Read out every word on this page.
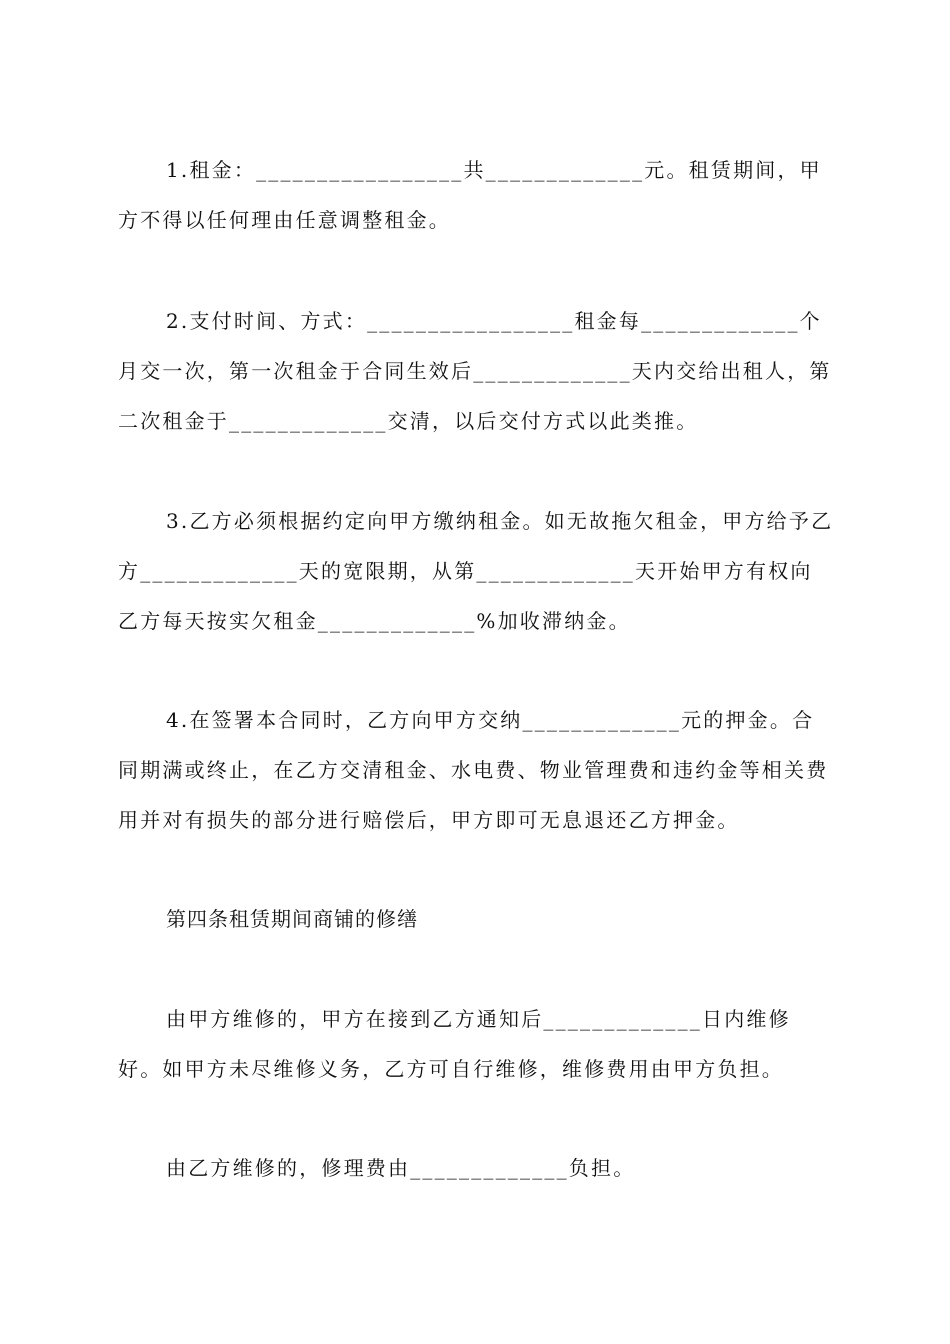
1.租金：_________________共_____________元。租赁期间，甲方不得以任何理由任意调整租金。

2.支付时间、方式：_________________租金每_____________个月交一次，第一次租金于合同生效后_____________天内交给出租人，第二次租金于_____________交清，以后交付方式以此类推。

3.乙方必须根据约定向甲方缴纳租金。如无故拖欠租金，甲方给予乙方_____________天的宽限期，从第_____________天开始甲方有权向乙方每天按实欠租金_____________%加收滞纳金。

4.在签署本合同时，乙方向甲方交纳_____________元的押金。合同期满或终止，在乙方交清租金、水电费、物业管理费和违约金等相关费用并对有损失的部分进行赔偿后，甲方即可无息退还乙方押金。

第四条租赁期间商铺的修缮

由甲方维修的，甲方在接到乙方通知后_____________日内维修好。如甲方未尽维修义务，乙方可自行维修，维修费用由甲方负担。

由乙方维修的，修理费由_____________负担。
